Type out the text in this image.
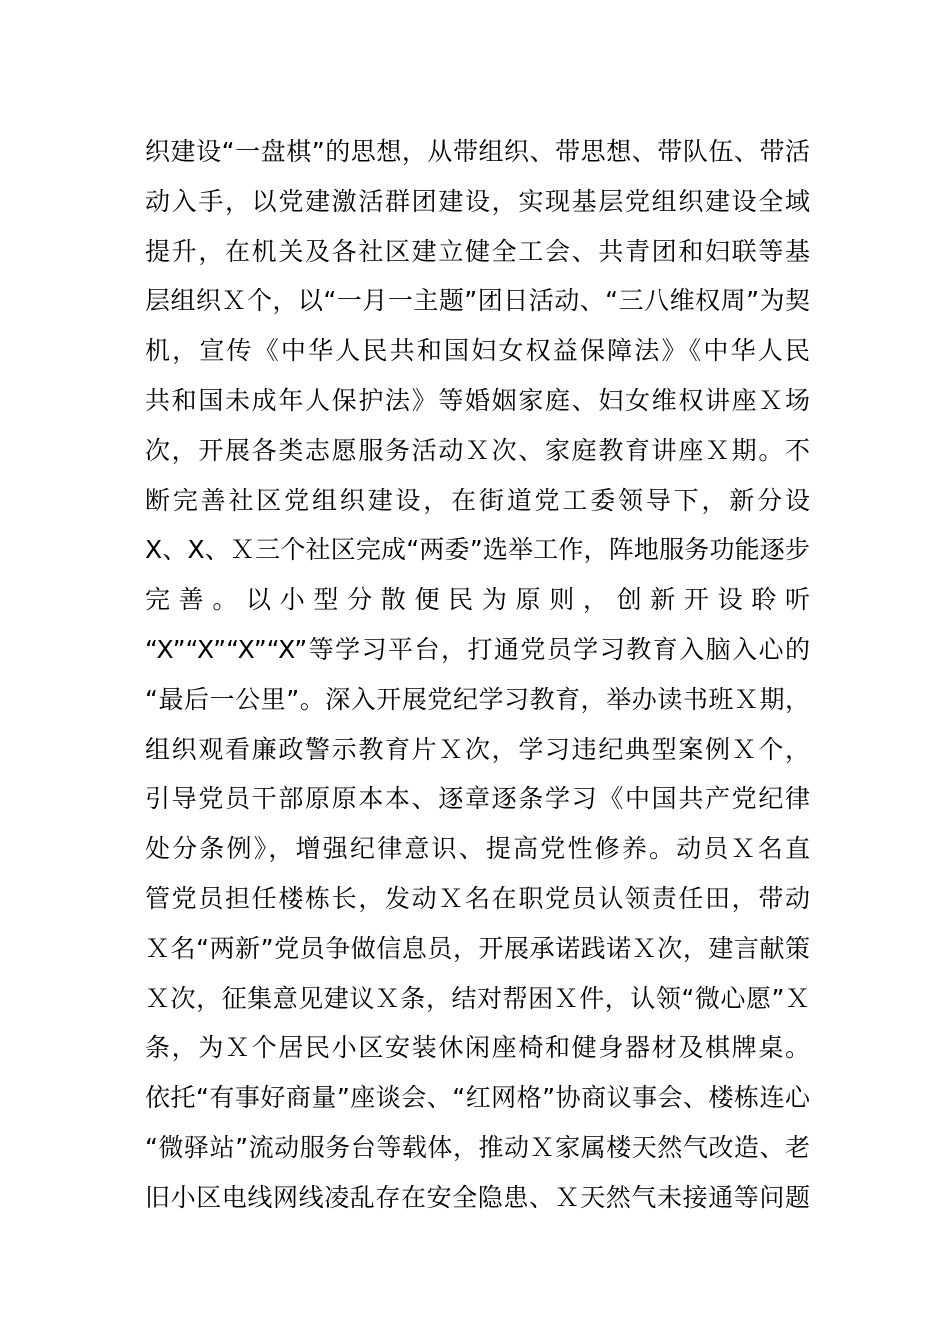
织建设“一盘棋”的思想，从带组织、带思想、带队伍、带活
动入手，以党建激活群团建设，实现基层党组织建设全域
提升，在机关及各社区建立健全工会、共青团和妇联等基
层组织Ｘ个，以“一月一主题”团日活动、“三八维权周”为契
机，宣传《中华人民共和国妇女权益保障法》《中华人民
共和国未成年人保护法》等婚姻家庭、妇女维权讲座Ｘ场
次，开展各类志愿服务活动Ｘ次、家庭教育讲座Ｘ期。不
断完善社区党组织建设，在街道党工委领导下，新分设
X、X、Ｘ三个社区完成“两委”选举工作，阵地服务功能逐步
完善。以小型分散便民为原则，创新开设聆听
“X”“X”“X”“X”等学习平台，打通党员学习教育入脑入心的
“最后一公里”。深入开展党纪学习教育，举办读书班Ｘ期，
组织观看廉政警示教育片Ｘ次，学习违纪典型案例Ｘ个，
引导党员干部原原本本、逐章逐条学习《中国共产党纪律
处分条例》，增强纪律意识、提高党性修养。动员Ｘ名直
管党员担任楼栋长，发动Ｘ名在职党员认领责任田，带动
Ｘ名“两新”党员争做信息员，开展承诺践诺Ｘ次，建言献策
Ｘ次，征集意见建议Ｘ条，结对帮困Ｘ件，认领“微心愿”Ｘ
条，为Ｘ个居民小区安装休闲座椅和健身器材及棋牌桌。
依托“有事好商量”座谈会、“红网格”协商议事会、楼栋连心
“微驿站”流动服务台等载体，推动Ｘ家属楼天然气改造、老
旧小区电线网线凌乱存在安全隐患、Ｘ天然气未接通等问题
